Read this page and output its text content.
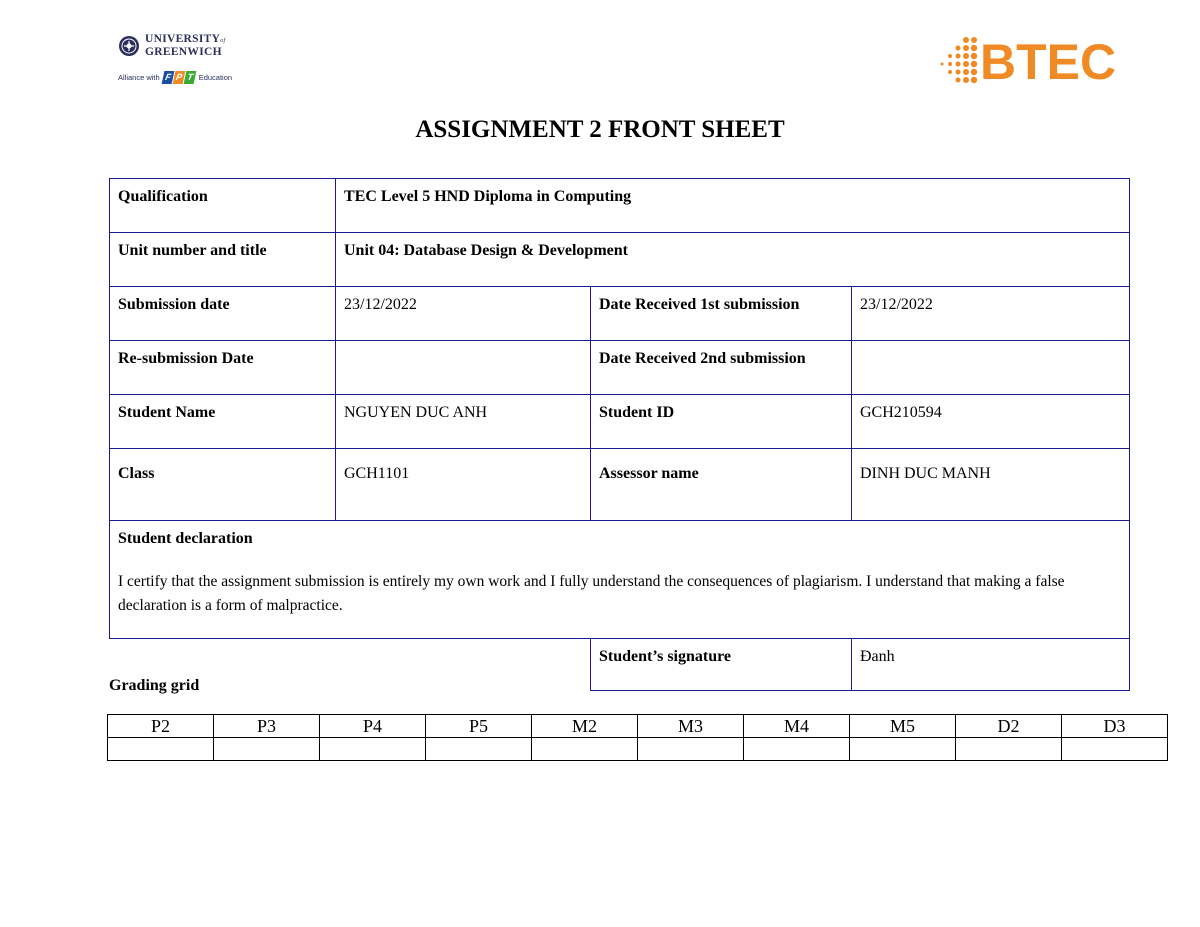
UNIVERSITYof
GREENWICH
Alliance with F P T Education	BTEC
ASSIGNMENT 2 FRONT SHEET
Qualification	TEC Level 5 HND Diploma in Computing		
Unit number and title	Unit 04: Database Design & Development		
Submission date	23/12/2022	Date Received 1st submission	23/12/2022
Re-submission Date		Date Received 2nd submission	
Student Name	NGUYEN DUC ANH	Student ID	GCH210594
Class	GCH1101	Assessor name	DINH DUC MANH

Student declaration
I certify that the assignment submission is entirely my own work and I fully understand the consequences of plagiarism. I understand that making a false declaration is a form of malpractice.			

		Student’s signature	Đanh
Grading grid
P2	P3	P4	P5	M2	M3	M4	M5	D2	D3
